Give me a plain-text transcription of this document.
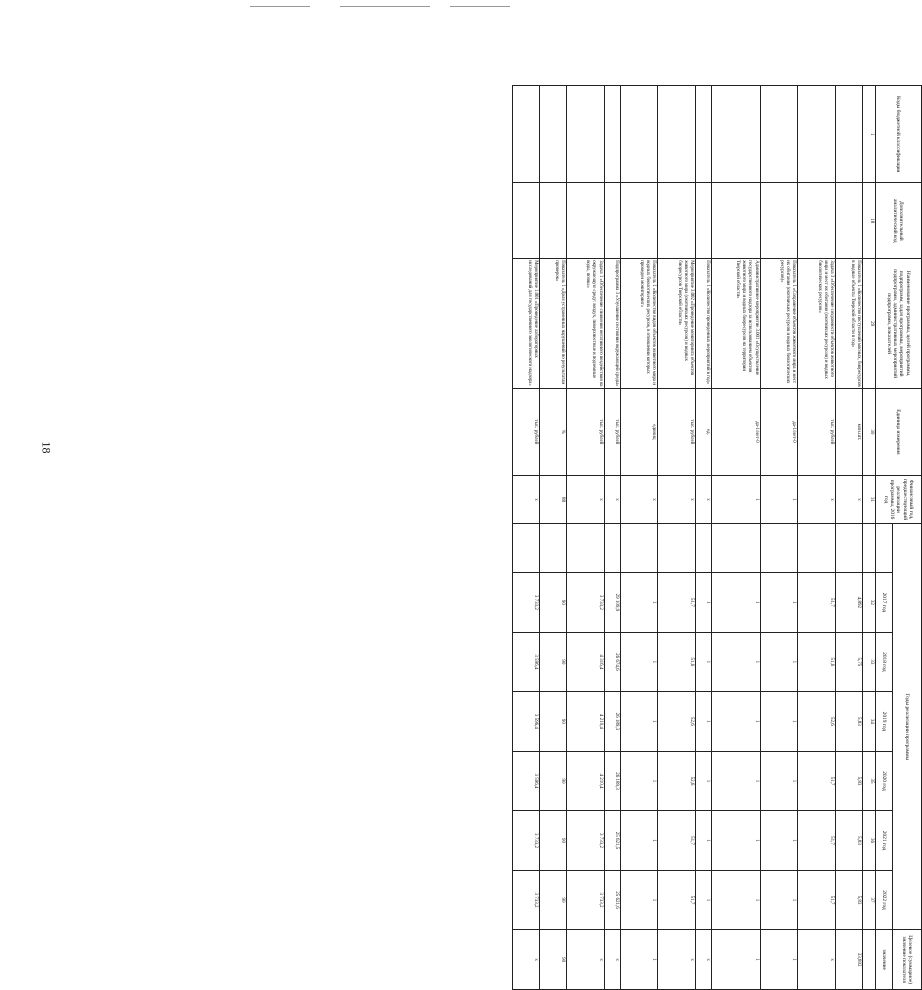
18
Коды бюджетной классификации	Дополнительный аналитический код	Наименование программы, целей программы, подпрограмм, задач программы, мероприятий подпрограмм, административных мероприятий подпрограмм, показателей	Единица измерения	Финансовый год, предшествующий реализации программы, 2016 год	Годы реализации программы							Целевое (суммарное) значение показателя
						2017 год	2018 год	2019 год	2020 год	2021 год	2022 год	значение
1	18	29	30	31		32	33	34	35	36	37	
		Показатель 1 «Количество поступлений мясных, биоресурсов в водные объекты Тверской области в год»	млн.шт.	x		4,892	5,75	5,83	5,83	5,83	5,83	33,802
		Задача 3 «Обеспечение сохранности объектов животного мира и мест их обитания (охотничьих ресурсов) и водных биологических ресурсов»	тыс. рублей	x		51,7	51,6	52,6	51,7	51,7	51,7	x
		Показатель 1 «Сохранение объектов животного мира и мест их обитания (охотничьих ресурсов и водных биологических ресурсов)»	да-1/нет-0	1		1	1	1	1	1	1	1
		Административное мероприятие 3.001 «Осуществление государственного надзора за использованием объектов животного мира и водных биоресурсов на территории Тверской области»	да-1/нет-0	1		1	1	1	1	1	1	1
		Показатель 1 «Количество проведенных мероприятий в год»	ед.	x		1	1	1	1	1	1	x
		Мероприятие 3.002 «Проведение мониторинга объектов животного мира (охотничьих ресурсов) и водных биоресурсов Тверской области»	тыс. рублей	x		51,7	51,6	52,6	52,6	51,7	51,7	x
		Показатель 1 «Количество видов объектов животного мира и водных биологических ресурсов, в отношении которых проведен мониторинг»	единиц	x		1	1	1	1	1	1	1
		Подпрограмма 3 «Улучшение состояния окружающей среды»	тыс. рублей	x		29 109,9	26 674,6	26 189,3	26 189,3	25 621,5	25 621,6	x
		Задача 1 «Обеспечение снижения негативного воздействия на окружающую среду: воздух, поверхностные и подземные воды, почвы»	тыс. рублей	x		3 733,2	4 316,4	4 210,4	4 210,4	3 733,2	3 733,2	x
		Показатель 1 «Доля устраненных нарушений по результатам проверок»	%	88		90	90	90	90	90	90	90
		Мероприятие 1.001 «Проведение лабораторных исследований для государственного экологического надзора»	тыс. рублей	x		3 733,2	3 596,4	3 596,4	3 596,4	3 733,2	3 733,2	x
